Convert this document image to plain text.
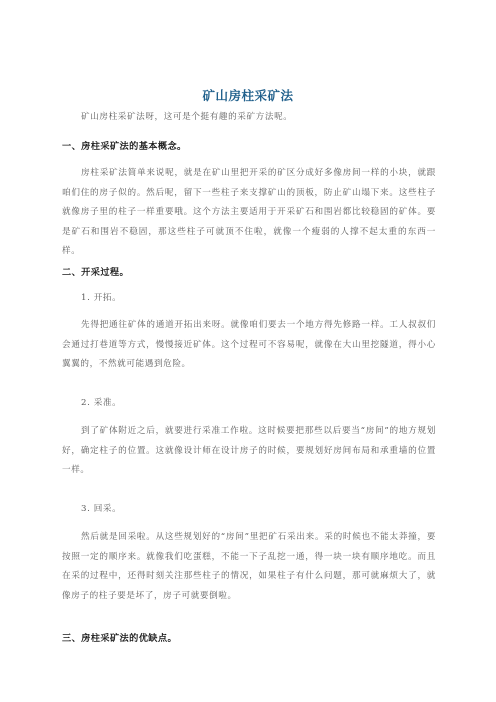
矿山房柱采矿法

矿山房柱采矿法呀，这可是个挺有趣的采矿方法呢。

一、房柱采矿法的基本概念。

房柱采矿法简单来说呢，就是在矿山里把开采的矿区分成好多像房间一样的小块，就跟咱们住的房子似的。然后呢，留下一些柱子来支撑矿山的顶板，防止矿山塌下来。这些柱子就像房子里的柱子一样重要哦。这个方法主要适用于开采矿石和围岩都比较稳固的矿体。要是矿石和围岩不稳固，那这些柱子可就顶不住啦，就像一个瘦弱的人撑不起太重的东西一样。

二、开采过程。
1. 开拓。

先得把通往矿体的通道开拓出来呀。就像咱们要去一个地方得先修路一样。工人叔叔们会通过打巷道等方式，慢慢接近矿体。这个过程可不容易呢，就像在大山里挖隧道，得小心翼翼的，不然就可能遇到危险。

2. 采准。

到了矿体附近之后，就要进行采准工作啦。这时候要把那些以后要当“房间”的地方规划好，确定柱子的位置。这就像设计师在设计房子的时候，要规划好房间布局和承重墙的位置一样。

3. 回采。

然后就是回采啦。从这些规划好的“房间”里把矿石采出来。采的时候也不能太莽撞，要按照一定的顺序来。就像我们吃蛋糕，不能一下子乱挖一通，得一块一块有顺序地吃。而且在采的过程中，还得时刻关注那些柱子的情况，如果柱子有什么问题，那可就麻烦大了，就像房子的柱子要是坏了，房子可就要倒啦。

三、房柱采矿法的优缺点。
